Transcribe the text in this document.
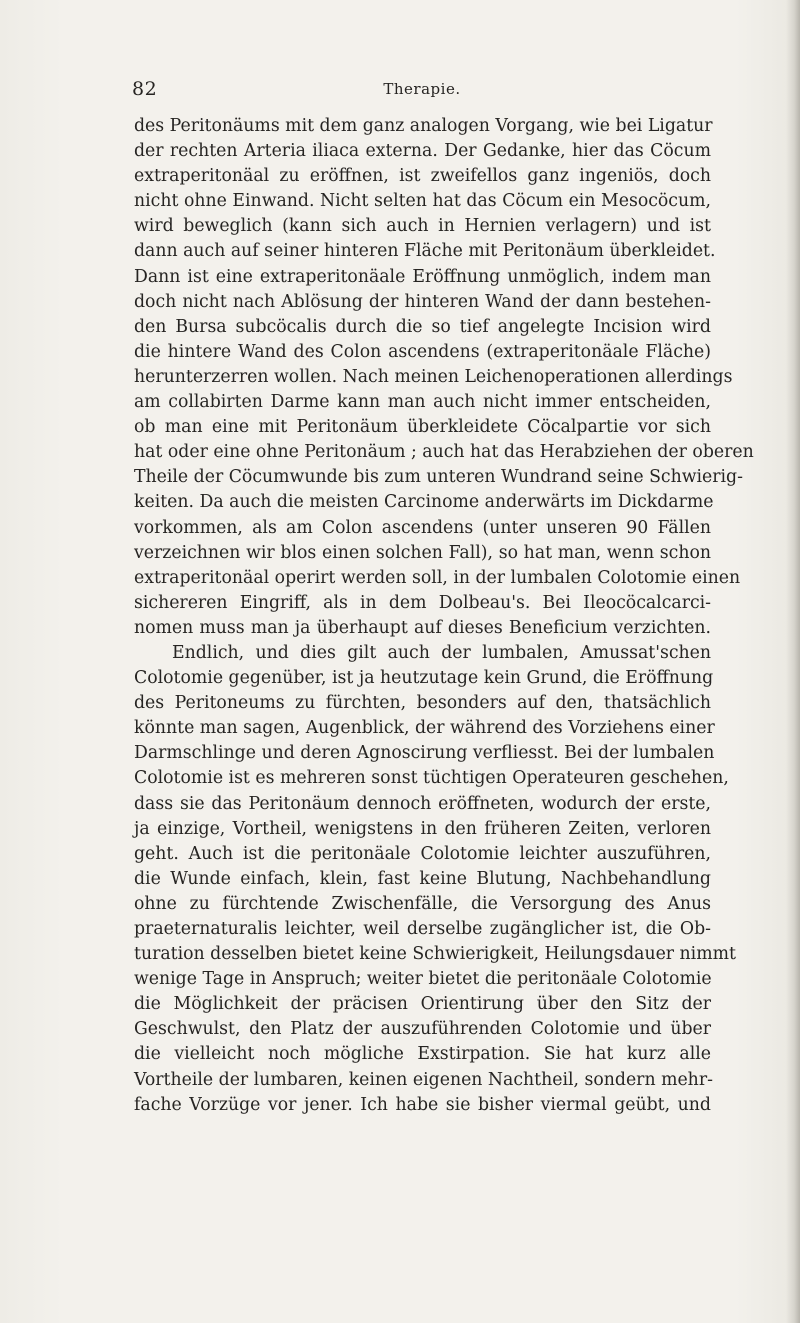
82	Therapie.
des Peritonäums mit dem ganz analogen Vorgang, wie bei Ligatur
der rechten Arteria iliaca externa. Der Gedanke, hier das Cöcum
extraperitonäal zu eröffnen, ist zweifellos ganz ingeniös, doch
nicht ohne Einwand. Nicht selten hat das Cöcum ein Mesocöcum,
wird beweglich (kann sich auch in Hernien verlagern) und ist
dann auch auf seiner hinteren Fläche mit Peritonäum überkleidet.
Dann ist eine extraperitonäale Eröffnung unmöglich, indem man
doch nicht nach Ablösung der hinteren Wand der dann bestehen-
den Bursa subcöcalis durch die so tief angelegte Incision wird
die hintere Wand des Colon ascendens (extraperitonäale Fläche)
herunterzerren wollen. Nach meinen Leichenoperationen allerdings
am collabirten Darme kann man auch nicht immer entscheiden,
ob man eine mit Peritonäum überkleidete Cöcalpartie vor sich
hat oder eine ohne Peritonäum ; auch hat das Herabziehen der oberen
Theile der Cöcumwunde bis zum unteren Wundrand seine Schwierig-
keiten. Da auch die meisten Carcinome anderwärts im Dickdarme
vorkommen, als am Colon ascendens (unter unseren 90 Fällen
verzeichnen wir blos einen solchen Fall), so hat man, wenn schon
extraperitonäal operirt werden soll, in der lumbalen Colotomie einen
sichereren Eingriff, als in dem Dolbeau's. Bei Ileocöcalcarci-
nomen muss man ja überhaupt auf dieses Beneficium verzichten.
Endlich, und dies gilt auch der lumbalen, Amussat'schen
Colotomie gegenüber, ist ja heutzutage kein Grund, die Eröffnung
des Peritoneums zu fürchten, besonders auf den, thatsächlich
könnte man sagen, Augenblick, der während des Vorziehens einer
Darmschlinge und deren Agnoscirung verfliesst. Bei der lumbalen
Colotomie ist es mehreren sonst tüchtigen Operateuren geschehen,
dass sie das Peritonäum dennoch eröffneten, wodurch der erste,
ja einzige, Vortheil, wenigstens in den früheren Zeiten, verloren
geht. Auch ist die peritonäale Colotomie leichter auszuführen,
die Wunde einfach, klein, fast keine Blutung, Nachbehandlung
ohne zu fürchtende Zwischenfälle, die Versorgung des Anus
praeternaturalis leichter, weil derselbe zugänglicher ist, die Ob-
turation desselben bietet keine Schwierigkeit, Heilungsdauer nimmt
wenige Tage in Anspruch; weiter bietet die peritonäale Colotomie
die Möglichkeit der präcisen Orientirung über den Sitz der
Geschwulst, den Platz der auszuführenden Colotomie und über
die vielleicht noch mögliche Exstirpation. Sie hat kurz alle
Vortheile der lumbaren, keinen eigenen Nachtheil, sondern mehr-
fache Vorzüge vor jener. Ich habe sie bisher viermal geübt, und
